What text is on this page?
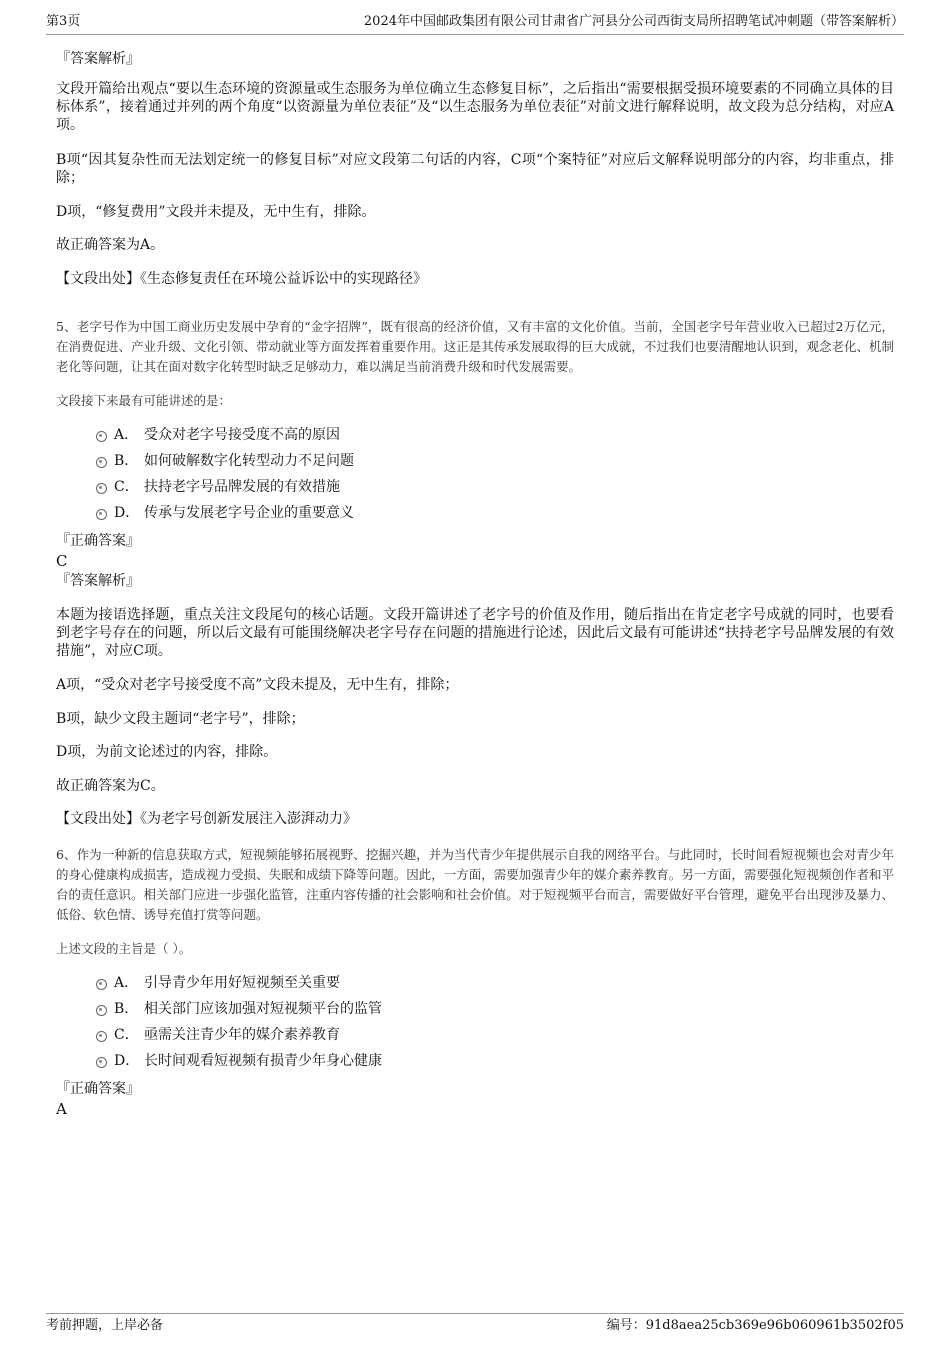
第3页	2024年中国邮政集团有限公司甘肃省广河县分公司西街支局所招聘笔试冲刺题（带答案解析）
『答案解析』
文段开篇给出观点“要以生态环境的资源量或生态服务为单位确立生态修复目标”，之后指出“需要根据受损环境要素的不同确立具体的目标体系”，接着通过并列的两个角度“以资源量为单位表征”及“以生态服务为单位表征”对前文进行解释说明，故文段为总分结构，对应A项。
B项“因其复杂性而无法划定统一的修复目标”对应文段第二句话的内容，C项“个案特征”对应后文解释说明部分的内容，均非重点，排除；
D项，“修复费用”文段并未提及，无中生有，排除。
故正确答案为A。
【文段出处】《生态修复责任在环境公益诉讼中的实现路径》
5、老字号作为中国工商业历史发展中孕育的“金字招牌”，既有很高的经济价值，又有丰富的文化价值。当前，全国老字号年营业收入已超过2万亿元，在消费促进、产业升级、文化引领、带动就业等方面发挥着重要作用。这正是其传承发展取得的巨大成就，不过我们也要清醒地认识到，观念老化、机制老化等问题，让其在面对数字化转型时缺乏足够动力，难以满足当前消费升级和时代发展需要。
文段接下来最有可能讲述的是：
A． 受众对老字号接受度不高的原因
B． 如何破解数字化转型动力不足问题
C． 扶持老字号品牌发展的有效措施
D． 传承与发展老字号企业的重要意义
『正确答案』
C
『答案解析』
本题为接语选择题，重点关注文段尾句的核心话题。文段开篇讲述了老字号的价值及作用，随后指出在肯定老字号成就的同时，也要看到老字号存在的问题，所以后文最有可能围绕解决老字号存在问题的措施进行论述，因此后文最有可能讲述“扶持老字号品牌发展的有效措施”，对应C项。
A项，“受众对老字号接受度不高”文段未提及，无中生有，排除；
B项，缺少文段主题词“老字号”，排除；
D项，为前文论述过的内容，排除。
故正确答案为C。
【文段出处】《为老字号创新发展注入澎湃动力》
6、作为一种新的信息获取方式，短视频能够拓展视野、挖掘兴趣，并为当代青少年提供展示自我的网络平台。与此同时，长时间看短视频也会对青少年的身心健康构成损害，造成视力受损、失眠和成绩下降等问题。因此，一方面，需要加强青少年的媒介素养教育。另一方面，需要强化短视频创作者和平台的责任意识。相关部门应进一步强化监管，注重内容传播的社会影响和社会价值。对于短视频平台而言，需要做好平台管理，避免平台出现涉及暴力、低俗、软色情、诱导充值打赏等问题。
上述文段的主旨是（ ）。
A． 引导青少年用好短视频至关重要
B． 相关部门应该加强对短视频平台的监管
C． 亟需关注青少年的媒介素养教育
D． 长时间观看短视频有损青少年身心健康
『正确答案』
A
考前押题，上岸必备	编号：91d8aea25cb369e96b060961b3502f05
